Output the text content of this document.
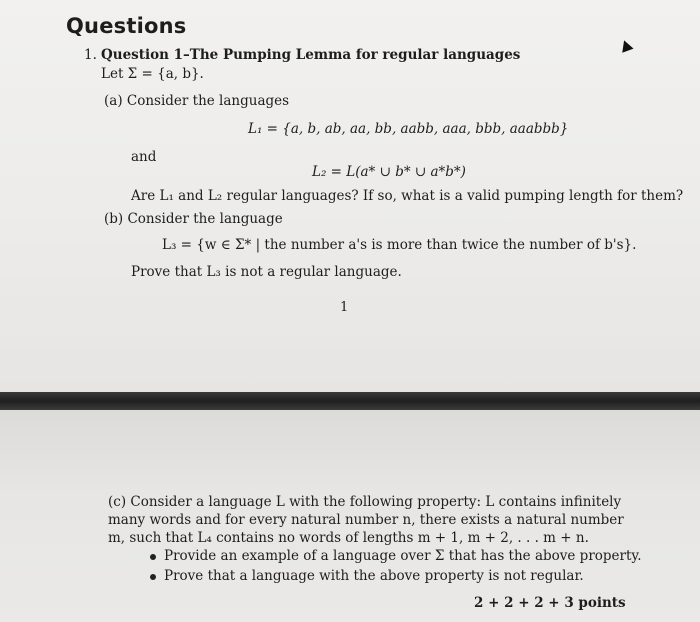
Questions
1. Question 1–The Pumping Lemma for regular languages
Let Σ = {a, b}.
(a) Consider the languages
L₁ = {a, b, ab, aa, bb, aabb, aaa, bbb, aaabbb}
and
L₂ = L(a* ∪ b* ∪ a*b*)
Are L₁ and L₂ regular languages? If so, what is a valid pumping length for them?
(b) Consider the language
L₃ = {w ∈ Σ* | the number a's is more than twice the number of b's}.
Prove that L₃ is not a regular language.
1
(c) Consider a language L with the following property: L contains infinitely many words and for every natural number n, there exists a natural number m, such that L₄ contains no words of lengths m + 1, m + 2, . . . m + n.
Provide an example of a language over Σ that has the above property.
Prove that a language with the above property is not regular.
2 + 2 + 2 + 3 points
